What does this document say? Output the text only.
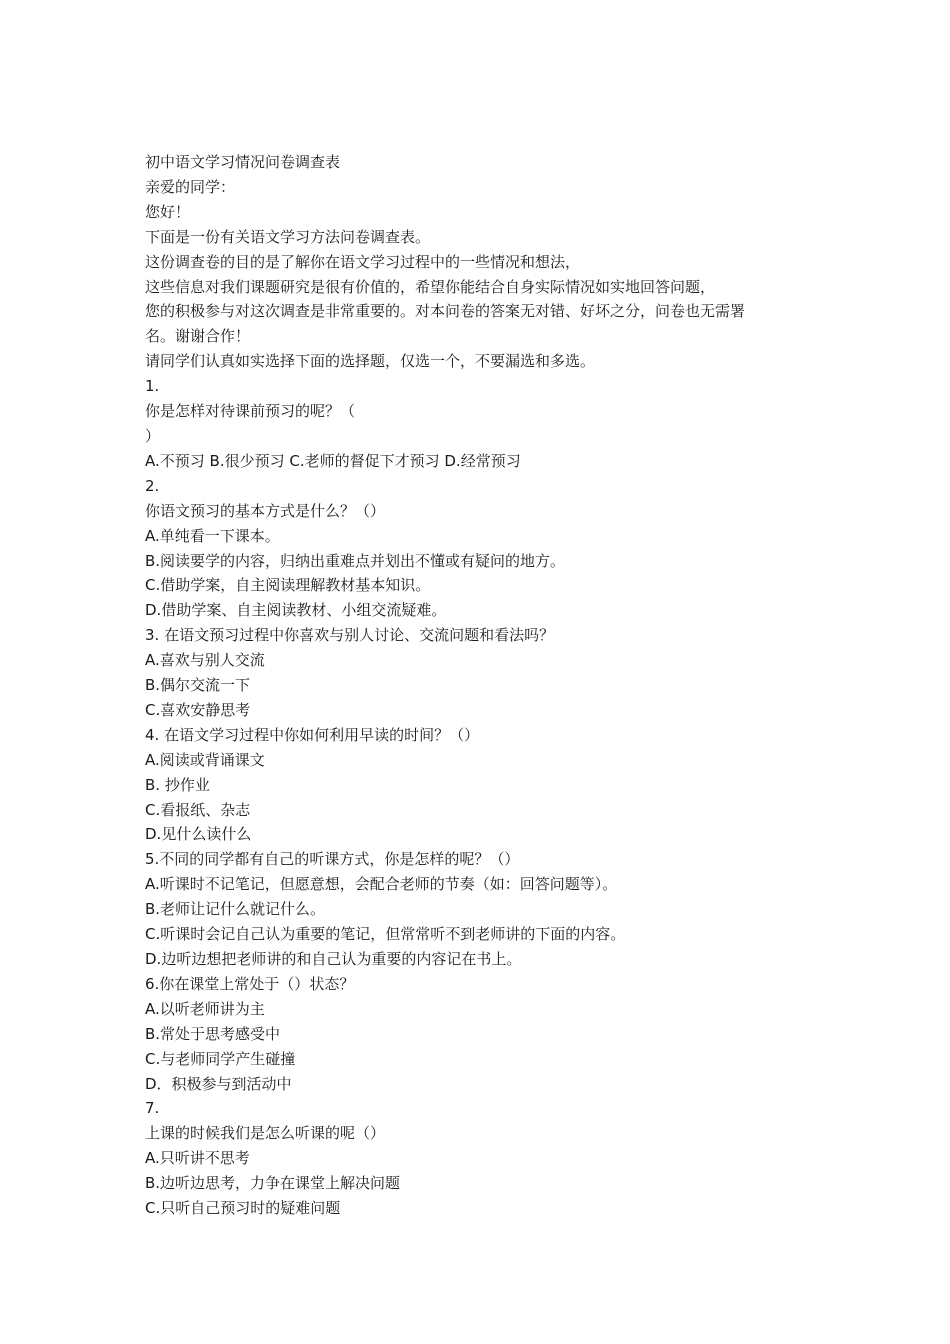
初中语文学习情况问卷调查表

亲爱的同学：

您好！

下面是一份有关语文学习方法问卷调查表。

这份调查卷的目的是了解你在语文学习过程中的一些情况和想法，

这些信息对我们课题研究是很有价值的，希望你能结合自身实际情况如实地回答问题，

您的积极参与对这次调查是非常重要的。对本问卷的答案无对错、好坏之分，问卷也无需署

名。谢谢合作！

请同学们认真如实选择下面的选择题，仅选一个，不要漏选和多选。

1.

你是怎样对待课前预习的呢？（

）

A.不预习 B.很少预习 C.老师的督促下才预习 D.经常预习

2.

你语文预习的基本方式是什么？（）

A.单纯看一下课本。

B.阅读要学的内容，归纳出重难点并划出不懂或有疑问的地方。

C.借助学案，自主阅读理解教材基本知识。

D.借助学案、自主阅读教材、小组交流疑难。

3. 在语文预习过程中你喜欢与别人讨论、交流问题和看法吗？

A.喜欢与别人交流

B.偶尔交流一下

C.喜欢安静思考

4. 在语文学习过程中你如何利用早读的时间？（）

A.阅读或背诵课文

B. 抄作业

C.看报纸、杂志

D.见什么读什么

5.不同的同学都有自己的听课方式，你是怎样的呢？（）

A.听课时不记笔记，但愿意想，会配合老师的节奏（如：回答问题等）。

B.老师让记什么就记什么。

C.听课时会记自己认为重要的笔记，但常常听不到老师讲的下面的内容。

D.边听边想把老师讲的和自己认为重要的内容记在书上。

6.你在课堂上常处于（）状态？

A.以听老师讲为主

B.常处于思考感受中

C.与老师同学产生碰撞

D．积极参与到活动中

7.

上课的时候我们是怎么听课的呢（）

A.只听讲不思考

B.边听边思考，力争在课堂上解决问题

C.只听自己预习时的疑难问题
